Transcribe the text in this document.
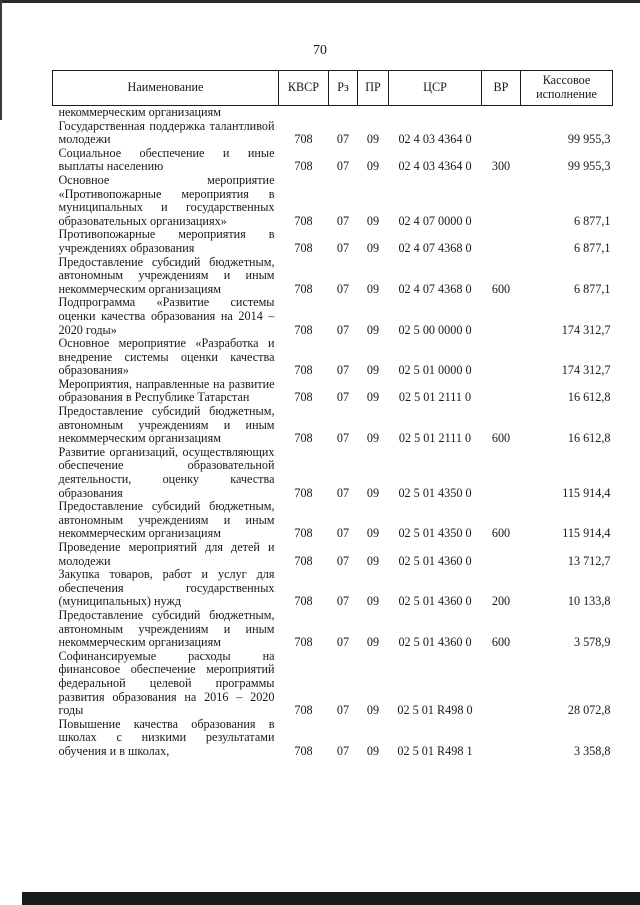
70
Наименование	КВСР	Рз	ПР	ЦСР	ВР	Кассовое
исполнение
некоммерческим организациям						
Государственная поддержка талантливой молодежи	708	07	09	02 4 03 4364 0		99 955,3
Социальное обеспечение и иные выплаты населению	708	07	09	02 4 03 4364 0	300	99 955,3
Основное мероприятие «Противопожарные мероприятия в муниципальных и государственных образовательных организациях»	708	07	09	02 4 07 0000 0		6 877,1
Противопожарные мероприятия в учреждениях образования	708	07	09	02 4 07 4368 0		6 877,1
Предоставление субсидий бюджетным, автономным учреждениям и иным некоммерческим организациям	708	07	09	02 4 07 4368 0	600	6 877,1
Подпрограмма «Развитие системы оценки качества образования на 2014 – 2020 годы»	708	07	09	02 5 00 0000 0		174 312,7
Основное мероприятие «Разработка и внедрение системы оценки качества образования»	708	07	09	02 5 01 0000 0		174 312,7
Мероприятия, направленные на развитие образования в Республике Татарстан	708	07	09	02 5 01 2111 0		16 612,8
Предоставление субсидий бюджетным, автономным учреждениям и иным некоммерческим организациям	708	07	09	02 5 01 2111 0	600	16 612,8
Развитие организаций, осуществляющих обеспечение образовательной деятельности, оценку качества образования	708	07	09	02 5 01 4350 0		115 914,4
Предоставление субсидий бюджетным, автономным учреждениям и иным некоммерческим организациям	708	07	09	02 5 01 4350 0	600	115 914,4
Проведение мероприятий для детей и молодежи	708	07	09	02 5 01 4360 0		13 712,7
Закупка товаров, работ и услуг для обеспечения государственных (муниципальных) нужд	708	07	09	02 5 01 4360 0	200	10 133,8
Предоставление субсидий бюджетным, автономным учреждениям и иным некоммерческим организациям	708	07	09	02 5 01 4360 0	600	3 578,9
Софинансируемые расходы на финансовое обеспечение мероприятий федеральной целевой программы развития образования на 2016 – 2020 годы	708	07	09	02 5 01 R498 0		28 072,8
Повышение качества образования в школах с низкими результатами обучения и в школах,	708	07	09	02 5 01 R498 1		3 358,8
